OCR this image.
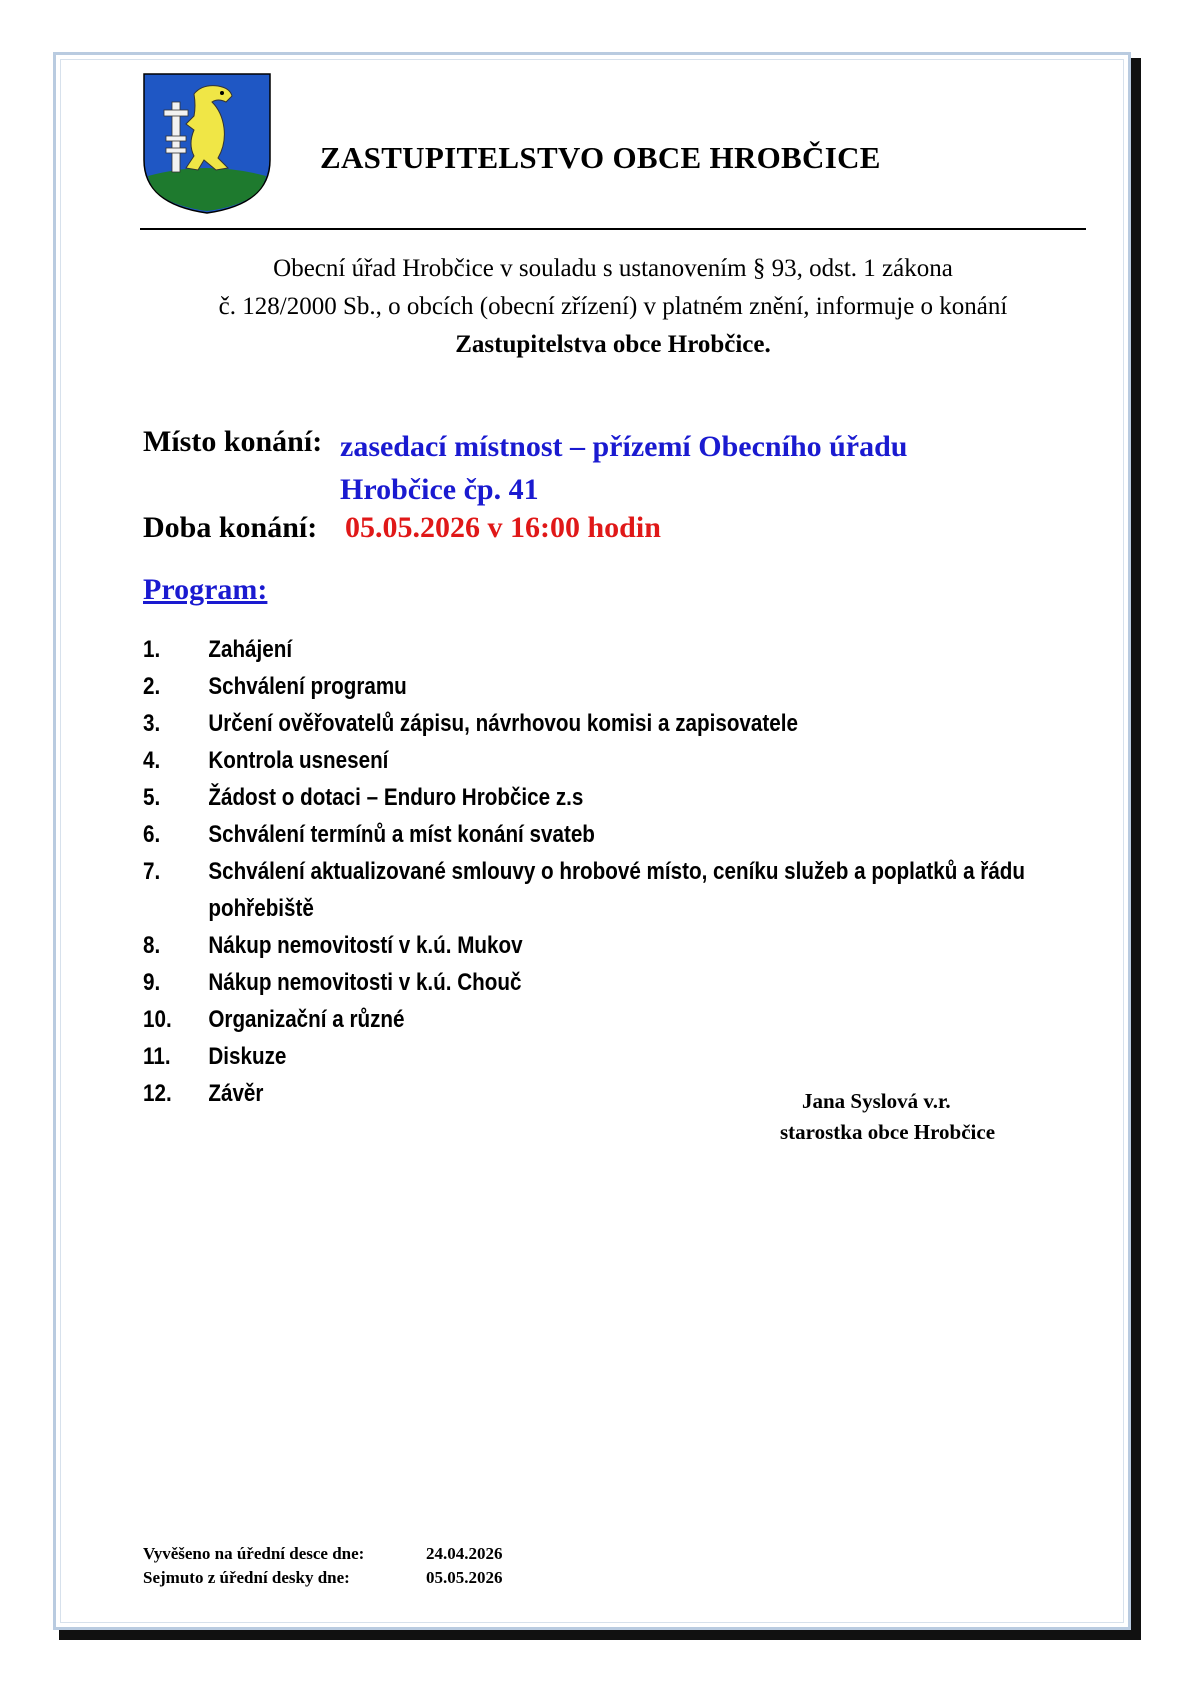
ZASTUPITELSTVO OBCE HROBČICE
Obecní úřad Hrobčice v souladu s ustanovením § 93, odst. 1 zákona
č. 128/2000 Sb., o obcích (obecní zřízení) v platném znění, informuje o konání
Zastupitelstva obce Hrobčice.
Místo konání: zasedací místnost – přízemí Obecního úřadu
Hrobčice čp. 41
Doba konání: 05.05.2026 v 16:00 hodin
Program:
1.	Zahájení
2.	Schválení programu
3.	Určení ověřovatelů zápisu, návrhovou komisi a zapisovatele
4.	Kontrola usnesení
5.	Žádost o dotaci – Enduro Hrobčice z.s
6.	Schválení termínů a míst konání svateb
7.	Schválení aktualizované smlouvy o hrobové místo, ceníku služeb a poplatků a řádu pohřebiště
8.	Nákup nemovitostí v k.ú. Mukov
9.	Nákup nemovitosti v k.ú. Chouč
10.	Organizační a různé
11.	Diskuze
12.	Závěr	Jana Syslová v.r.
starostka obce Hrobčice
Vyvěšeno na úřední desce dne:	24.04.2026
Sejmuto z úřední desky dne:	05.05.2026
